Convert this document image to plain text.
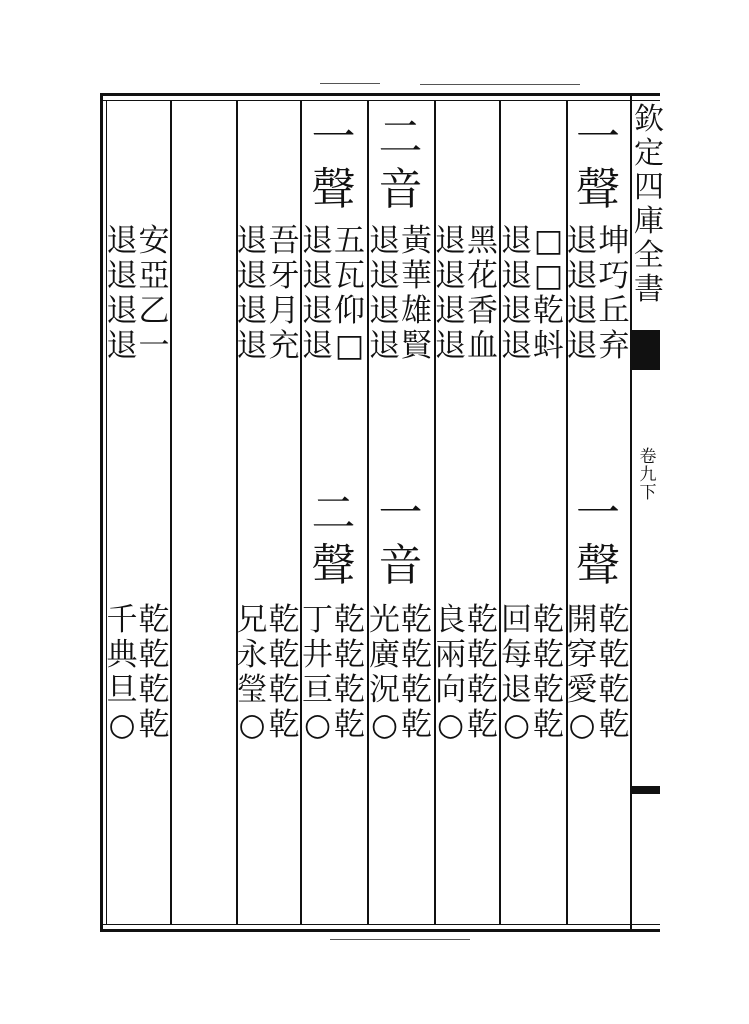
欽
定
四
庫
全
書
卷
九
下
一
聲
一
聲
坤
巧
丘
弃
退
退
退
退
乾
乾
乾
乾
開
穿
愛
○
□
□
乾
蚪
退
退
退
退
乾
乾
乾
乾
回
每
退
○
黑
花
香
血
退
退
退
退
乾
乾
乾
乾
良
兩
向
○
二
音
一
音
黃
華
雄
賢
退
退
退
退
乾
乾
乾
乾
光
廣
況
○
一
聲
二
聲
五
瓦
仰
□
退
退
退
退
乾
乾
乾
乾
丁
井
亘
○
吾
牙
月
充
退
退
退
退
乾
乾
乾
乾
兄
永
瑩
○
安
亞
乙
一
退
退
退
退
乾
乾
乾
乾
千
典
旦
○
